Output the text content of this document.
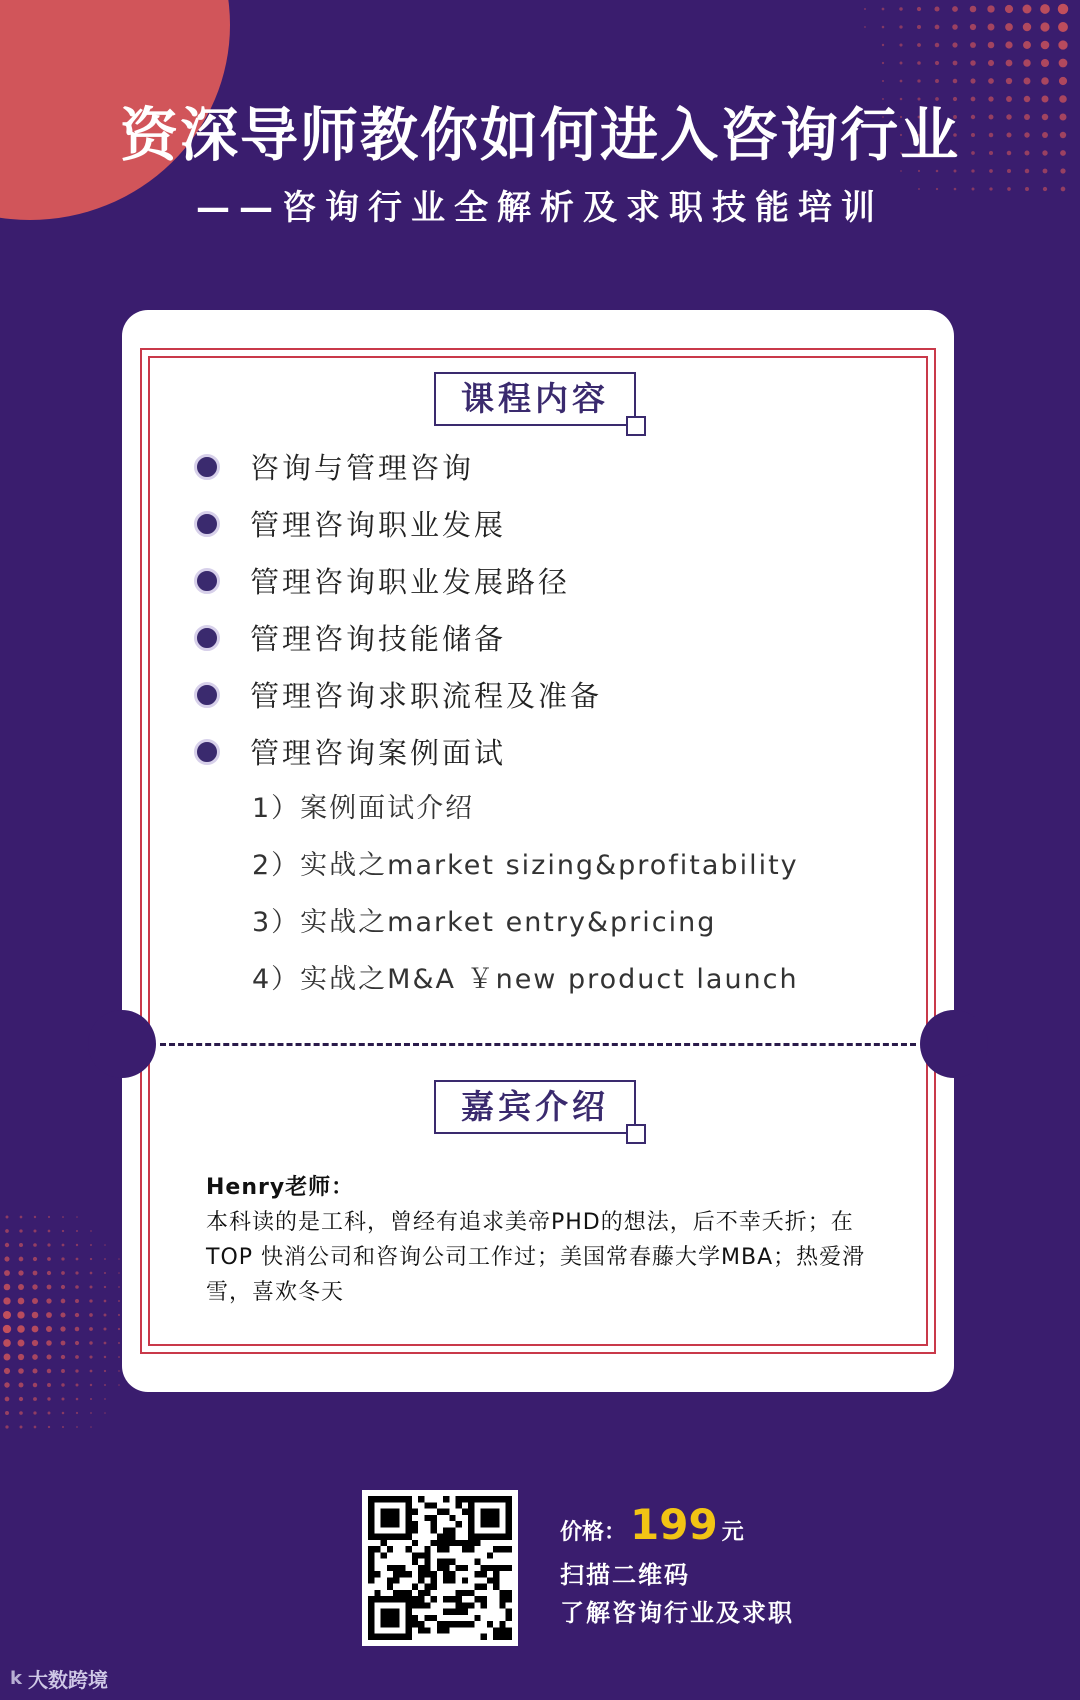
资深导师教你如何进入咨询行业
——咨询行业全解析及求职技能培训
课程内容
咨询与管理咨询
管理咨询职业发展
管理咨询职业发展路径
管理咨询技能储备
管理咨询求职流程及准备
管理咨询案例面试
1）案例面试介绍
2）实战之market sizing&profitability
3）实战之market entry&pricing
4）实战之M&A ￥new product launch
嘉宾介绍
Henry老师：
本科读的是工科，曾经有追求美帝PHD的想法，后不幸夭折；在TOP 快消公司和咨询公司工作过；美国常春藤大学MBA；热爱滑雪，喜欢冬天
价格： 199 元
扫描二维码
了解咨询行业及求职
k 大数跨境
